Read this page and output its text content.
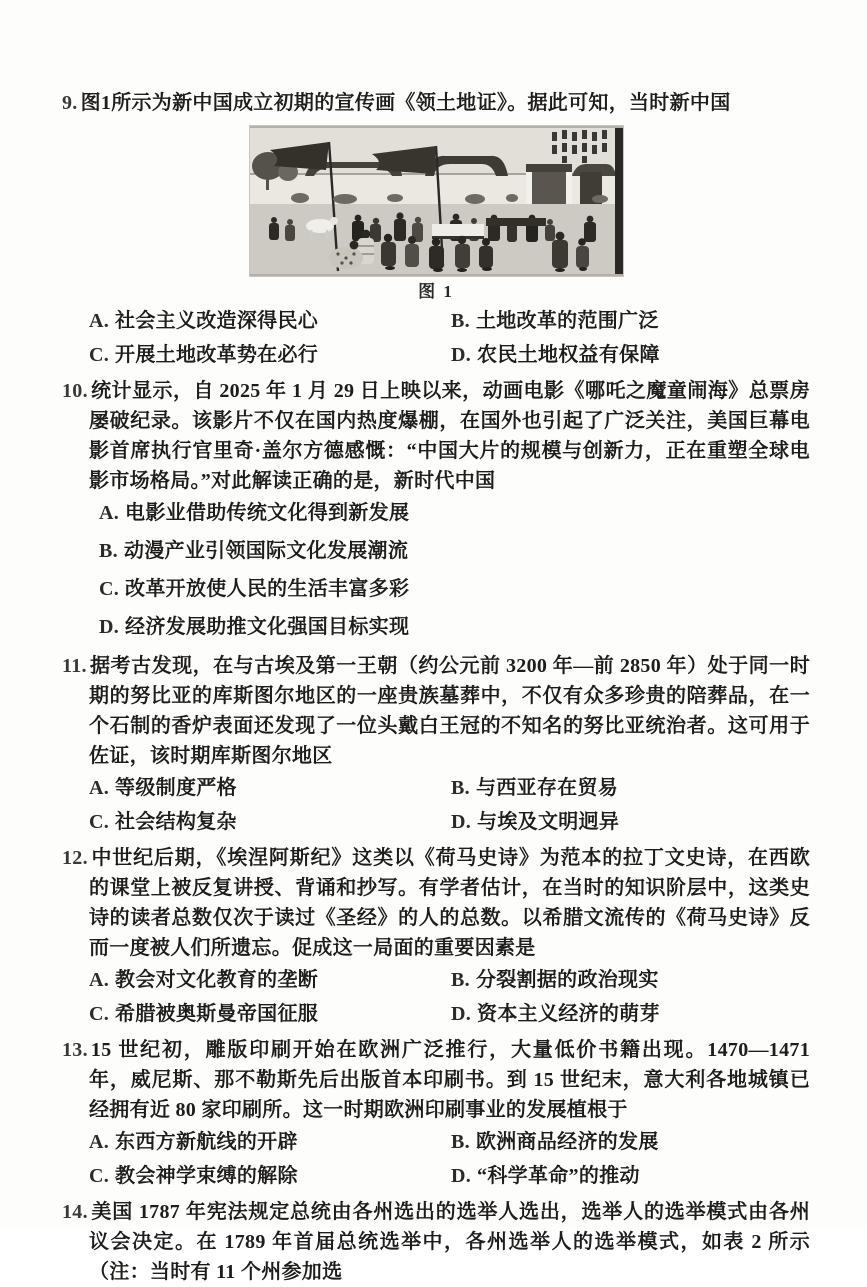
9. 图1所示为新中国成立初期的宣传画《领土地证》。据此可知，当时新中国

图 1
A. 社会主义改造深得民心	B. 土地改革的范围广泛
C. 开展土地改革势在必行	D. 农民土地权益有保障

10. 统计显示，自 2025 年 1 月 29 日上映以来，动画电影《哪吒之魔童闹海》总票房屡破纪录。该影片不仅在国内热度爆棚，在国外也引起了广泛关注，美国巨幕电影首席执行官里奇·盖尔方德感慨：“中国大片的规模与创新力，正在重塑全球电影市场格局。”对此解读正确的是，新时代中国

A. 电影业借助传统文化得到新发展
B. 动漫产业引领国际文化发展潮流
C. 改革开放使人民的生活丰富多彩
D. 经济发展助推文化强国目标实现

11. 据考古发现，在与古埃及第一王朝（约公元前 3200 年—前 2850 年）处于同一时期的努比亚的库斯图尔地区的一座贵族墓葬中，不仅有众多珍贵的陪葬品，在一个石制的香炉表面还发现了一位头戴白王冠的不知名的努比亚统治者。这可用于佐证，该时期库斯图尔地区

A. 等级制度严格	B. 与西亚存在贸易
C. 社会结构复杂	D. 与埃及文明迥异

12. 中世纪后期，《埃涅阿斯纪》这类以《荷马史诗》为范本的拉丁文史诗，在西欧的课堂上被反复讲授、背诵和抄写。有学者估计，在当时的知识阶层中，这类史诗的读者总数仅次于读过《圣经》的人的总数。以希腊文流传的《荷马史诗》反而一度被人们所遗忘。促成这一局面的重要因素是

A. 教会对文化教育的垄断	B. 分裂割据的政治现实
C. 希腊被奥斯曼帝国征服	D. 资本主义经济的萌芽

13. 15 世纪初，雕版印刷开始在欧洲广泛推行，大量低价书籍出现。1470—1471 年，威尼斯、那不勒斯先后出版首本印刷书。到 15 世纪末，意大利各地城镇已经拥有近 80 家印刷所。这一时期欧洲印刷事业的发展植根于

A. 东西方新航线的开辟	B. 欧洲商品经济的发展
C. 教会神学束缚的解除	D. “科学革命”的推动

14. 美国 1787 年宪法规定总统由各州选出的选举人选出，选举人的选举模式由各州议会决定。在 1789 年首届总统选举中，各州选举人的选举模式，如表 2 所示（注：当时有 11 个州参加选
